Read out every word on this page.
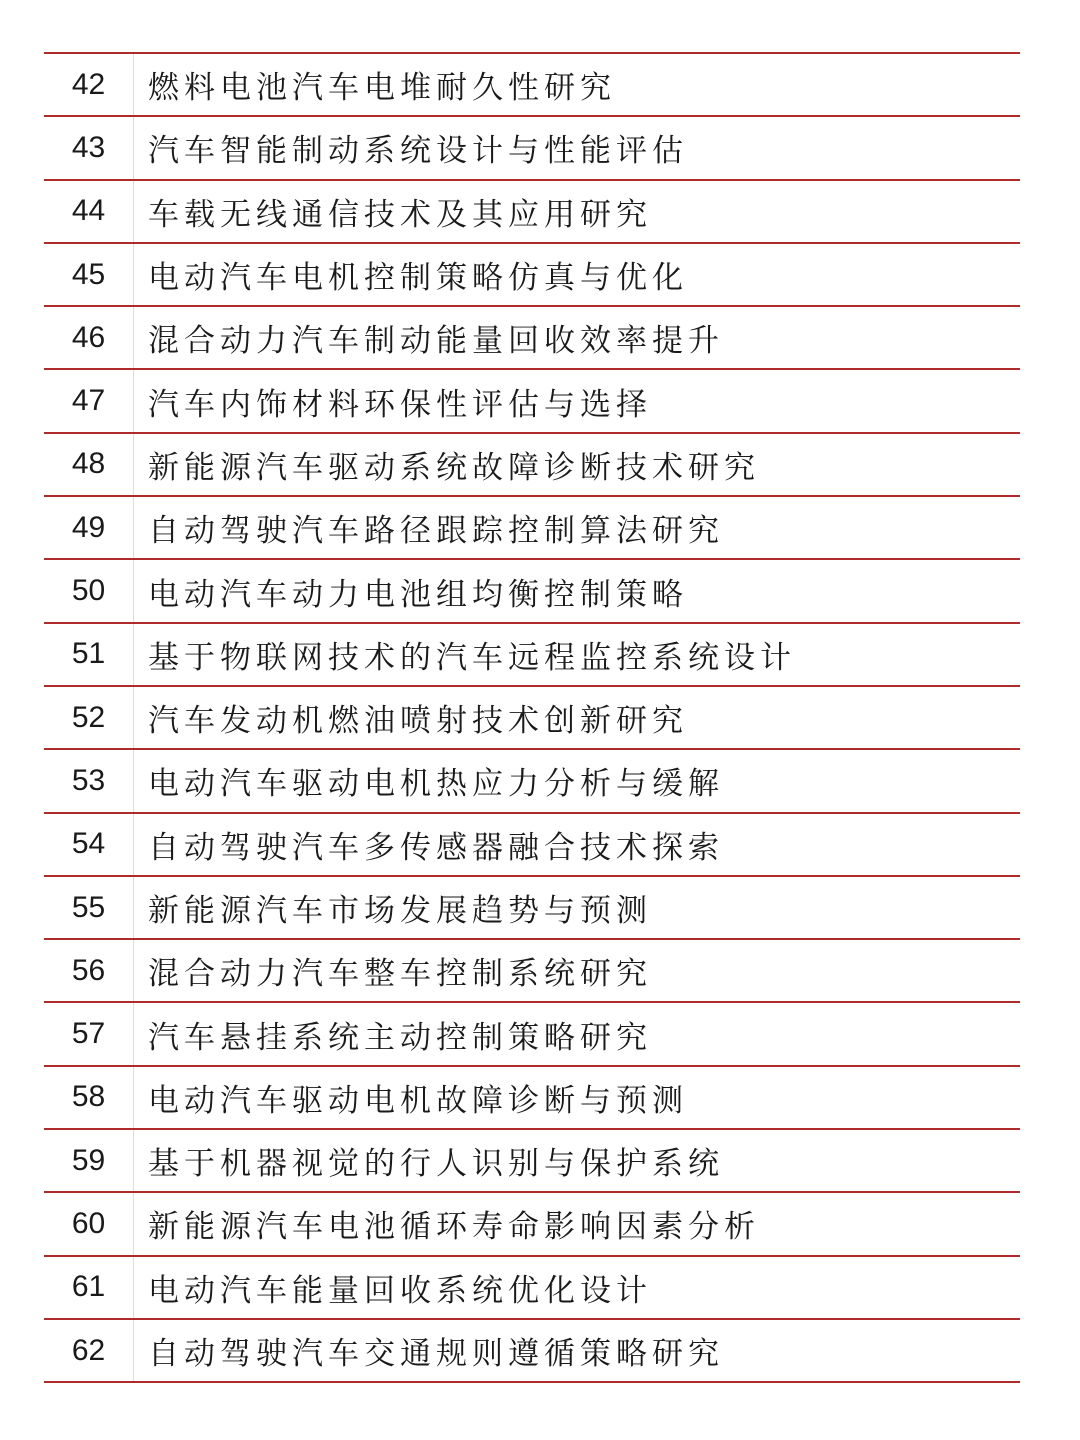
42	燃料电池汽车电堆耐久性研究
43	汽车智能制动系统设计与性能评估
44	车载无线通信技术及其应用研究
45	电动汽车电机控制策略仿真与优化
46	混合动力汽车制动能量回收效率提升
47	汽车内饰材料环保性评估与选择
48	新能源汽车驱动系统故障诊断技术研究
49	自动驾驶汽车路径跟踪控制算法研究
50	电动汽车动力电池组均衡控制策略
51	基于物联网技术的汽车远程监控系统设计
52	汽车发动机燃油喷射技术创新研究
53	电动汽车驱动电机热应力分析与缓解
54	自动驾驶汽车多传感器融合技术探索
55	新能源汽车市场发展趋势与预测
56	混合动力汽车整车控制系统研究
57	汽车悬挂系统主动控制策略研究
58	电动汽车驱动电机故障诊断与预测
59	基于机器视觉的行人识别与保护系统
60	新能源汽车电池循环寿命影响因素分析
61	电动汽车能量回收系统优化设计
62	自动驾驶汽车交通规则遵循策略研究
